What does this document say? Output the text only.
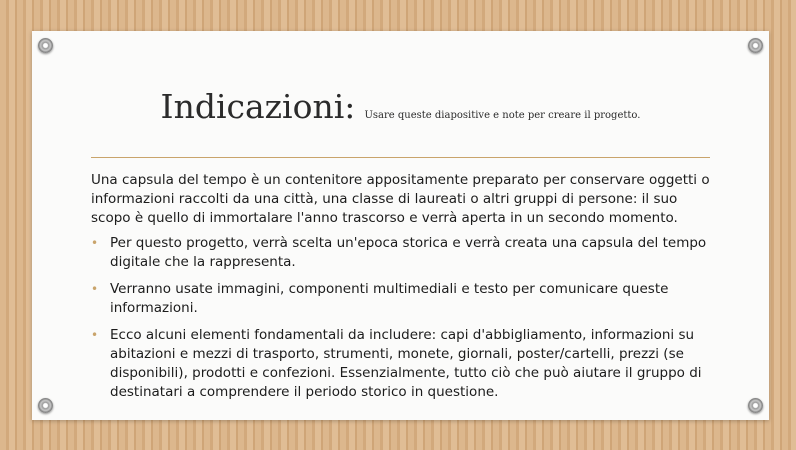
Indicazioni: Usare queste diapositive e note per creare il progetto.

Una capsula del tempo è un contenitore appositamente preparato per conservare oggetti o informazioni raccolti da una città, una classe di laureati o altri gruppi di persone: il suo scopo è quello di immortalare l'anno trascorso e verrà aperta in un secondo momento.

• Per questo progetto, verrà scelta un'epoca storica e verrà creata una capsula del tempo digitale che la rappresenta.
• Verranno usate immagini, componenti multimediali e testo per comunicare queste informazioni.
• Ecco alcuni elementi fondamentali da includere: capi d'abbigliamento, informazioni su abitazioni e mezzi di trasporto, strumenti, monete, giornali, poster/cartelli, prezzi (se disponibili), prodotti e confezioni. Essenzialmente, tutto ciò che può aiutare il gruppo di destinatari a comprendere il periodo storico in questione.
